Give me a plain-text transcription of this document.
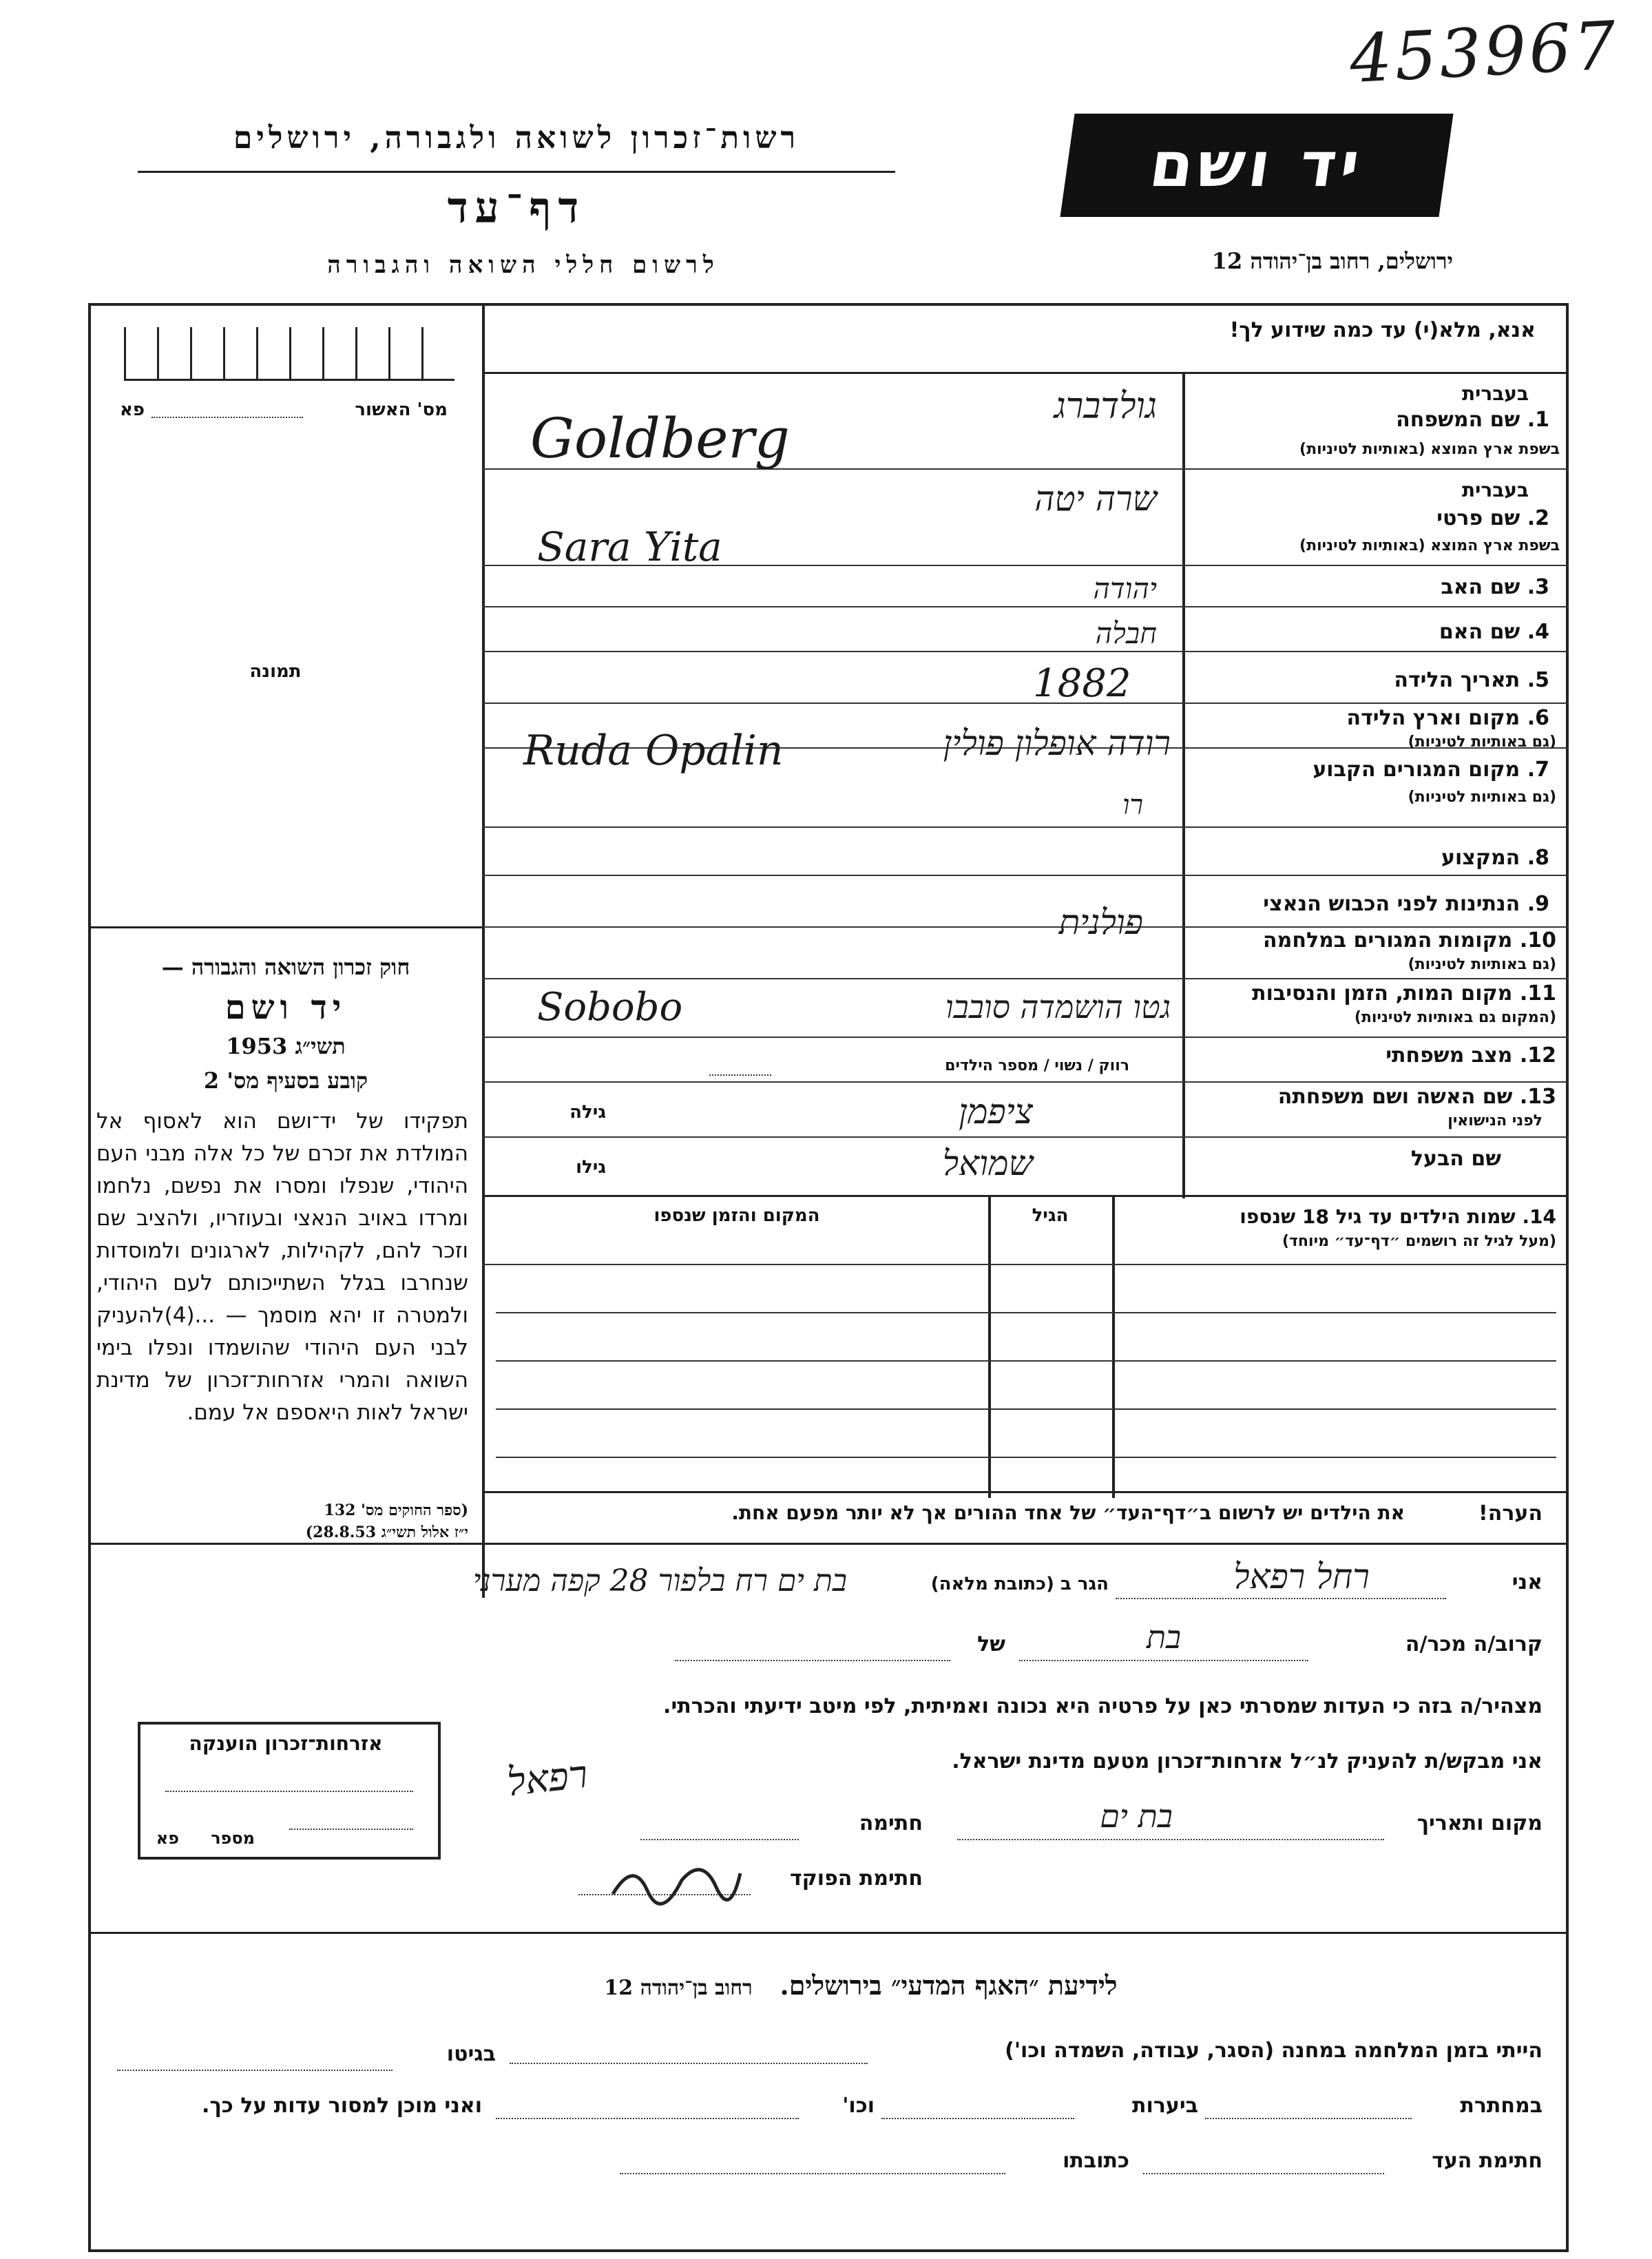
453967
רשות־זכרון לשואה ולגבורה, ירושלים
דף־עד
לרשום חללי השואה והגבורה
יד ושם
ירושלים, רחוב בן־יהודה 12
אנא, מלא(י) עד כמה שידוע לך!
מס' האשור
פא
תמונה
חוק זכרון השואה והגבורה —
יד ושם
תשי״ג 1953
קובע בסעיף מס' 2
תפקידו של יד־ושם הוא לאסוף אל המולדת את זכרם של כל אלה מבני העם היהודי, שנפלו ומסרו את נפשם, נלחמו ומרדו באויב הנאצי ובעוזריו, ולהציב שם וזכר להם, לקהילות, לארגונים ולמוסדות שנחרבו בגלל השתייכותם לעם היהודי, ולמטרה זו יהא מוסמך — ...(4)להעניק לבני העם היהודי שהושמדו ונפלו בימי השואה והמרי אזרחות־זכרון של מדינת ישראל לאות היאספם אל עמם.
(ספר החוקים מס' 132
י״ז אלול תשי״ג 28.8.53)
בעברית
1. שם המשפחה
בשפת ארץ המוצא (באותיות לטיניות)
גולדברג
Goldberg
בעברית
2. שם פרטי
בשפת ארץ המוצא (באותיות לטיניות)
שרה יטה
Sara Yita
3. שם האב
יהודה
4. שם האם
חבלה
5. תאריך הלידה
1882
6. מקום וארץ הלידה
(גם באותיות לטיניות)
רודה אופלון פולין
Ruda Opalin	7. מקום המגורים הקבוע
(גם באותיות לטיניות)
רו
8. המקצוע
9. הנתינות לפני הכבוש הנאצי
פולנית	10. מקומות המגורים במלחמה
(גם באותיות לטיניות)
11. מקום המות, הזמן והנסיבות
(המקום גם באותיות לטיניות)
גטו הושמדה סובבו
Sobobo
12. מצב משפחתי
רווק / נשוי / מספר הילדים
13. שם האשה ושם משפחתה
לפני הנישואין
ציפמן
גילה
שם הבעל
שמואל
גילו
14. שמות הילדים עד גיל 18 שנספו
(מעל לגיל זה רושמים ״דף־עד״ מיוחד)
הגיל
המקום והזמן שנספו
הערה!
את הילדים יש לרשום ב״דף־העד״ של אחד ההורים אך לא יותר מפעם אחת.
אני
רחל רפאל
הגר ב (כתובת מלאה)
בת ים רח בלפור 28 קפה מערני
קרוב/ה מכר/ה
בת
של
מצהיר/ה בזה כי העדות שמסרתי כאן על פרטיה היא נכונה ואמיתית, לפי מיטב ידיעתי והכרתי.
אני מבקש/ת להעניק לנ״ל אזרחות־זכרון מטעם מדינת ישראל.
מקום ותאריך
בת ים
חתימה
רפאל
חתימת הפוקד
אזרחות־זכרון הוענקה
מספר
פא
לידיעת ״האגף המדעי״ בירושלים.   רחוב בן־יהודה 12
הייתי בזמן המלחמה במחנה (הסגר, עבודה, השמדה וכו')
בגיטו
במחתרת
ביערות
וכו'
ואני מוכן למסור עדות על כך.
חתימת העד
כתובתו
